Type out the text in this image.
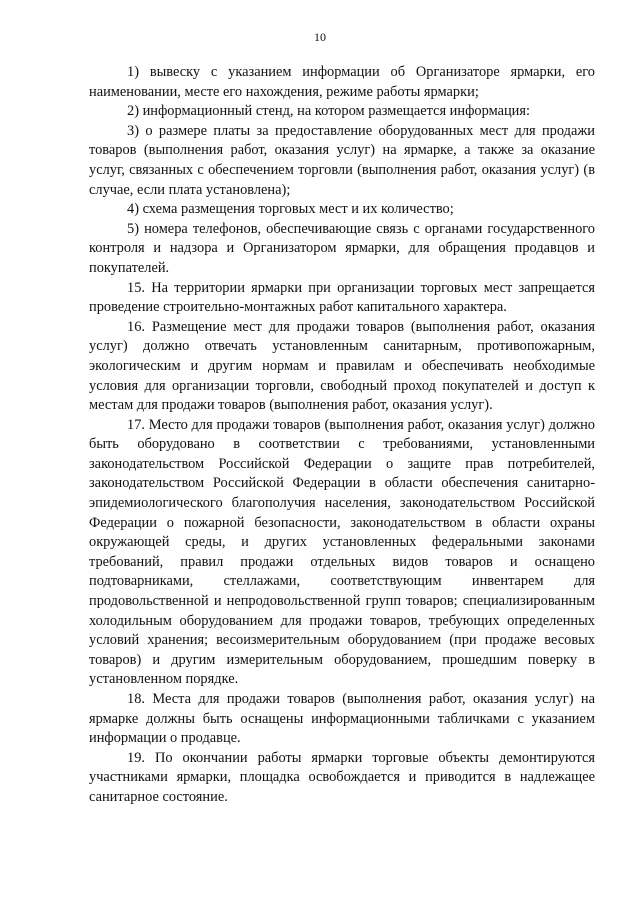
10

1) вывеску с указанием информации об Организаторе ярмарки, его наименовании, месте его нахождения, режиме работы ярмарки;

2) информационный стенд, на котором размещается информация:

3) о размере платы за предоставление оборудованных мест для продажи товаров (выполнения работ, оказания услуг) на ярмарке, а также за оказание услуг, связанных с обеспечением торговли (выполнения работ, оказания услуг) (в случае, если плата установлена);

4) схема размещения торговых мест и их количество;

5) номера телефонов, обеспечивающие связь с органами государственного контроля и надзора и Организатором ярмарки, для обращения продавцов и покупателей.

15. На территории ярмарки при организации торговых мест запрещается проведение строительно-монтажных работ капитального характера.

16. Размещение мест для продажи товаров (выполнения работ, оказания услуг) должно отвечать установленным санитарным, противопожарным, экологическим и другим нормам и правилам и обеспечивать необходимые условия для организации торговли, свободный проход покупателей и доступ к местам для продажи товаров (выполнения работ, оказания услуг).

17. Место для продажи товаров (выполнения работ, оказания услуг) должно быть оборудовано в соответствии с требованиями, установленными законодательством Российской Федерации о защите прав потребителей, законодательством Российской Федерации в области обеспечения санитарно-эпидемиологического благополучия населения, законодательством Российской Федерации о пожарной безопасности, законодательством в области охраны окружающей среды, и других установленных федеральными законами требований, правил продажи отдельных видов товаров и оснащено подтоварниками, стеллажами, соответствующим инвентарем для продовольственной и непродовольственной групп товаров; специализированным холодильным оборудованием для продажи товаров, требующих определенных условий хранения; весоизмерительным оборудованием (при продаже весовых товаров) и другим измерительным оборудованием, прошедшим поверку в установленном порядке.

18. Места для продажи товаров (выполнения работ, оказания услуг) на ярмарке должны быть оснащены информационными табличками с указанием информации о продавце.

19. По окончании работы ярмарки торговые объекты демонтируются участниками ярмарки, площадка освобождается и приводится в надлежащее санитарное состояние.
